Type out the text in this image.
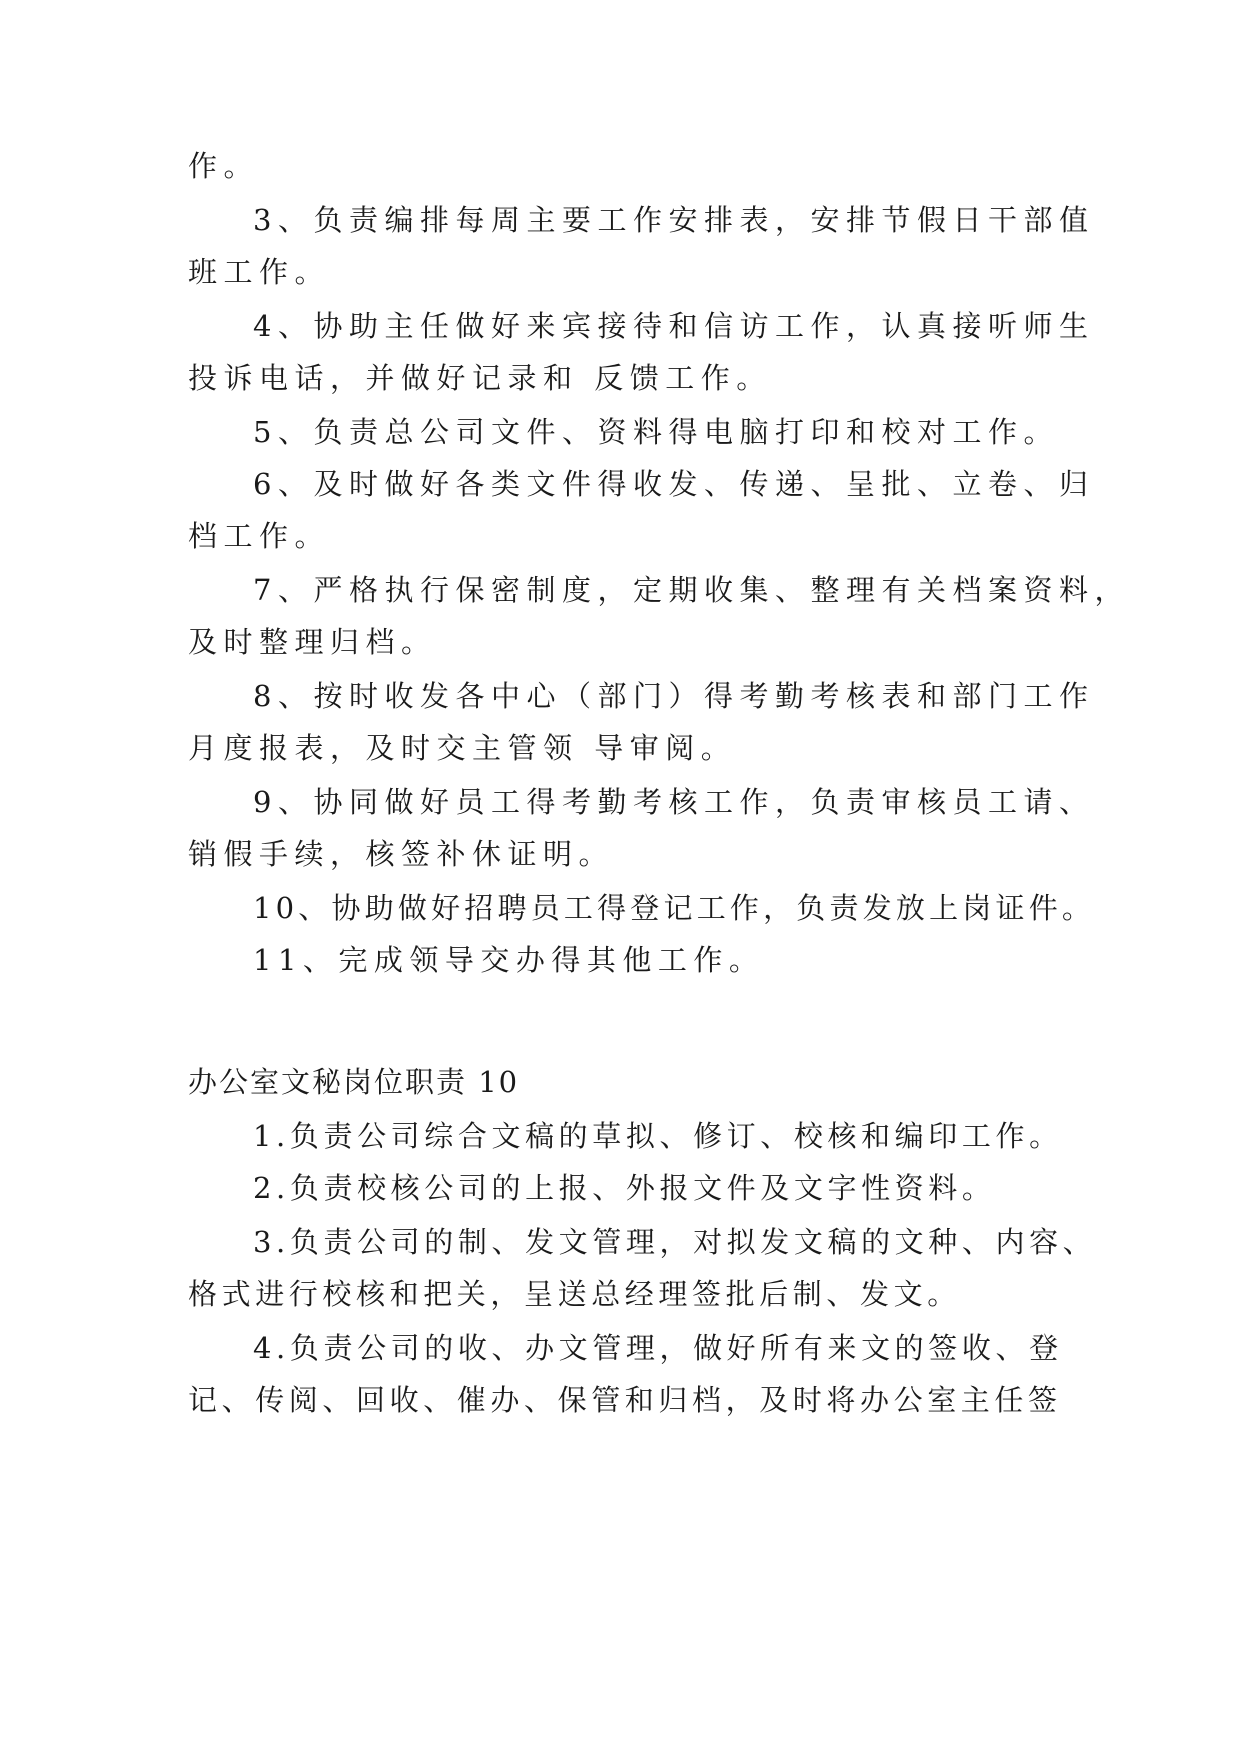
作。
3、负责编排每周主要工作安排表，安排节假日干部值
班工作。
4、协助主任做好来宾接待和信访工作，认真接听师生
投诉电话，并做好记录和 反馈工作。
5、负责总公司文件、资料得电脑打印和校对工作。
6、及时做好各类文件得收发、传递、呈批、立卷、归
档工作。
7、严格执行保密制度，定期收集、整理有关档案资料，
及时整理归档。
8、按时收发各中心（部门）得考勤考核表和部门工作
月度报表，及时交主管领 导审阅。
9、协同做好员工得考勤考核工作，负责审核员工请、
销假手续，核签补休证明。
10、协助做好招聘员工得登记工作，负责发放上岗证件。
11、完成领导交办得其他工作。
办公室文秘岗位职责 10
1.负责公司综合文稿的草拟、修订、校核和编印工作。
2.负责校核公司的上报、外报文件及文字性资料。
3.负责公司的制、发文管理，对拟发文稿的文种、内容、
格式进行校核和把关，呈送总经理签批后制、发文。
4.负责公司的收、办文管理，做好所有来文的签收、登
记、传阅、回收、催办、保管和归档，及时将办公室主任签
